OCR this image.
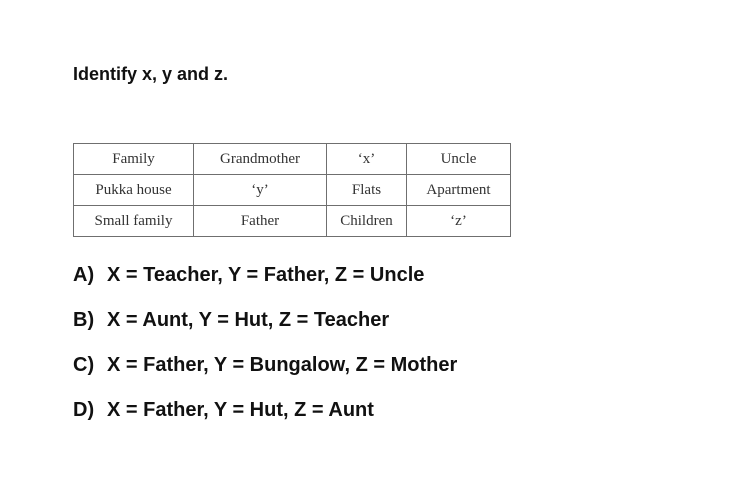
Identify x, y and z.
Family	Grandmother	‘x’	Uncle
Pukka house	‘y’	Flats	Apartment
Small family	Father	Children	‘z’
A) X = Teacher, Y = Father, Z = Uncle
B) X = Aunt, Y = Hut, Z = Teacher
C) X = Father, Y = Bungalow, Z = Mother
D) X = Father, Y = Hut, Z = Aunt
